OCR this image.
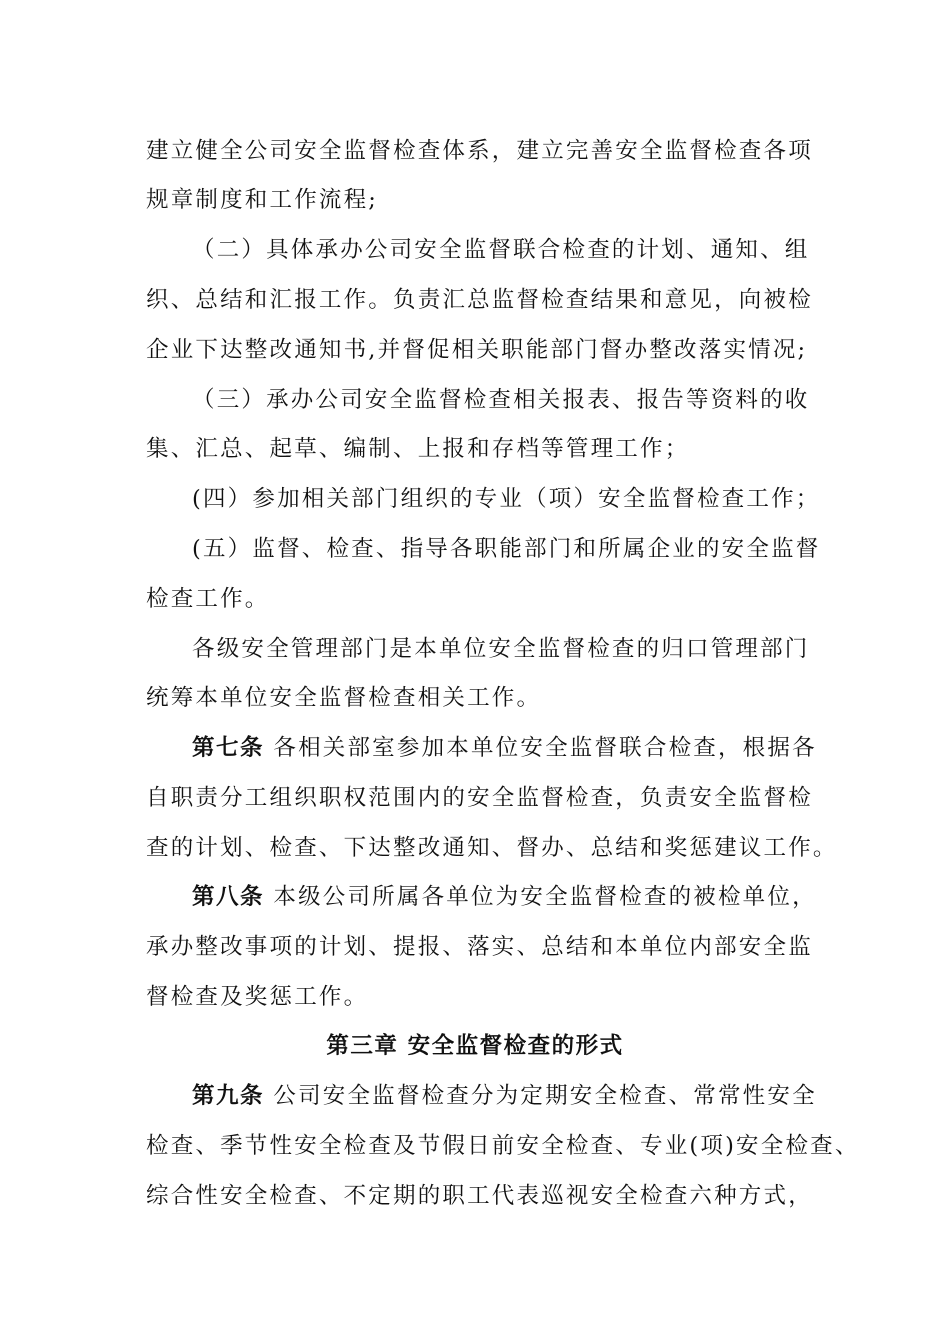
建立健全公司安全监督检查体系，建立完善安全监督检查各项
规章制度和工作流程;
（二）具体承办公司安全监督联合检查的计划、通知、组
织、总结和汇报工作。负责汇总监督检查结果和意见，向被检
企业下达整改通知书,并督促相关职能部门督办整改落实情况;
（三）承办公司安全监督检查相关报表、报告等资料的收
集、汇总、起草、编制、上报和存档等管理工作；
(四）参加相关部门组织的专业（项）安全监督检查工作；
(五）监督、检查、指导各职能部门和所属企业的安全监督
检查工作。
各级安全管理部门是本单位安全监督检查的归口管理部门
统筹本单位安全监督检查相关工作。
第七条 各相关部室参加本单位安全监督联合检查，根据各
自职责分工组织职权范围内的安全监督检查，负责安全监督检
查的计划、检查、下达整改通知、督办、总结和奖惩建议工作。
第八条 本级公司所属各单位为安全监督检查的被检单位，
承办整改事项的计划、提报、落实、总结和本单位内部安全监
督检查及奖惩工作。
第三章 安全监督检查的形式
第九条 公司安全监督检查分为定期安全检查、常常性安全
检查、季节性安全检查及节假日前安全检查、专业(项)安全检查、
综合性安全检查、不定期的职工代表巡视安全检查六种方式，
